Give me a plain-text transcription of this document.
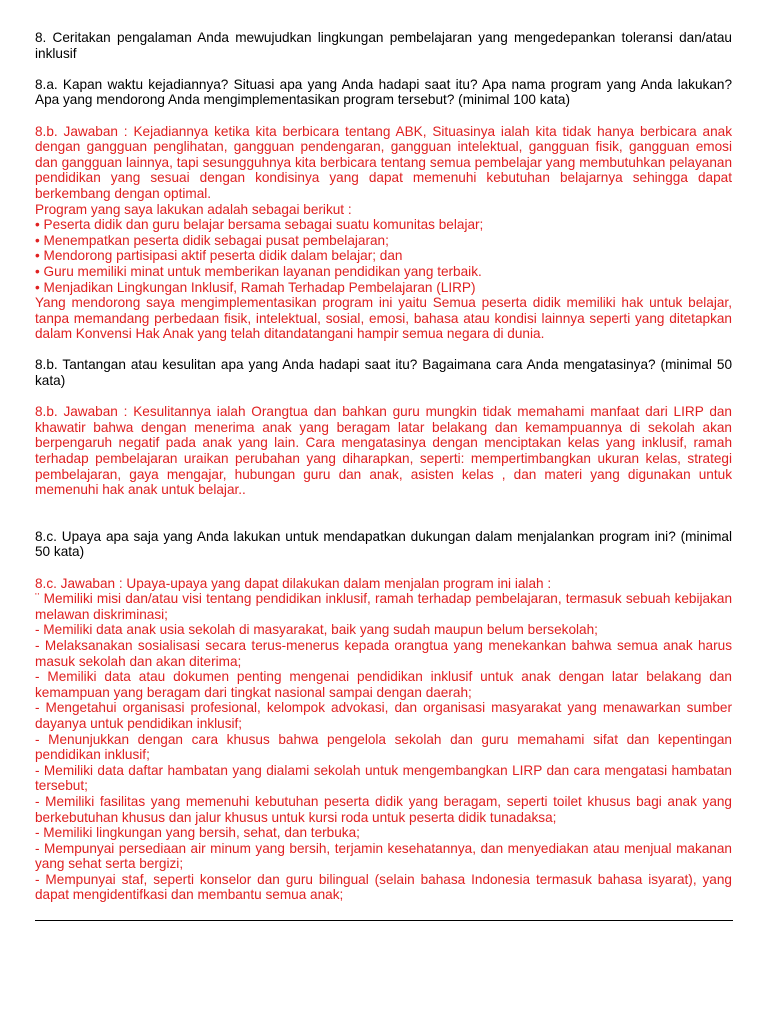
8. Ceritakan pengalaman Anda mewujudkan lingkungan pembelajaran yang mengedepankan toleransi dan/atau inklusif

8.a. Kapan waktu kejadiannya? Situasi apa yang Anda hadapi saat itu? Apa nama program yang Anda lakukan? Apa yang mendorong Anda mengimplementasikan program tersebut? (minimal 100 kata)

8.b. Jawaban : Kejadiannya ketika kita berbicara tentang ABK, Situasinya ialah kita tidak hanya berbicara anak dengan gangguan penglihatan, gangguan pendengaran, gangguan intelektual, gangguan fisik, gangguan emosi dan gangguan lainnya, tapi sesungguhnya kita berbicara tentang semua pembelajar yang membutuhkan pelayanan pendidikan yang sesuai dengan kondisinya yang dapat memenuhi kebutuhan belajarnya sehingga dapat berkembang dengan optimal.

Program yang saya lakukan adalah sebagai berikut :
• Peserta didik dan guru belajar bersama sebagai suatu komunitas belajar;
• Menempatkan peserta didik sebagai pusat pembelajaran;
• Mendorong partisipasi aktif peserta didik dalam belajar; dan
• Guru memiliki minat untuk memberikan layanan pendidikan yang terbaik.
• Menjadikan Lingkungan Inklusif, Ramah Terhadap Pembelajaran (LIRP)

Yang mendorong saya mengimplementasikan program ini yaitu Semua peserta didik memiliki hak untuk belajar, tanpa memandang perbedaan fisik, intelektual, sosial, emosi, bahasa atau kondisi lainnya seperti yang ditetapkan dalam Konvensi Hak Anak yang telah ditandatangani hampir semua negara di dunia.

8.b. Tantangan atau kesulitan apa yang Anda hadapi saat itu? Bagaimana cara Anda mengatasinya? (minimal 50 kata)

8.b. Jawaban : Kesulitannya ialah Orangtua dan bahkan guru mungkin tidak memahami manfaat dari LIRP dan khawatir bahwa dengan menerima anak yang beragam latar belakang dan kemampuannya di sekolah akan berpengaruh negatif pada anak yang lain. Cara mengatasinya dengan menciptakan kelas yang inklusif, ramah terhadap pembelajaran uraikan perubahan yang diharapkan, seperti: mempertimbangkan ukuran kelas, strategi pembelajaran, gaya mengajar, hubungan guru dan anak, asisten kelas , dan materi yang digunakan untuk memenuhi hak anak untuk belajar..

8.c. Upaya apa saja yang Anda lakukan untuk mendapatkan dukungan dalam menjalankan program ini? (minimal 50 kata)

8.c. Jawaban : Upaya-upaya yang dapat dilakukan dalam menjalan program ini ialah :

¨ Memiliki misi dan/atau visi tentang pendidikan inklusif, ramah terhadap pembelajaran, termasuk sebuah kebijakan melawan diskriminasi;

- Memiliki data anak usia sekolah di masyarakat, baik yang sudah maupun belum bersekolah;

- Melaksanakan sosialisasi secara terus-menerus kepada orangtua yang menekankan bahwa semua anak harus masuk sekolah dan akan diterima;

- Memiliki data atau dokumen penting mengenai pendidikan inklusif untuk anak dengan latar belakang dan kemampuan yang beragam dari tingkat nasional sampai dengan daerah;

- Mengetahui organisasi profesional, kelompok advokasi, dan organisasi masyarakat yang menawarkan sumber dayanya untuk pendidikan inklusif;

- Menunjukkan dengan cara khusus bahwa pengelola sekolah dan guru memahami sifat dan kepentingan pendidikan inklusif;

- Memiliki data daftar hambatan yang dialami sekolah untuk mengembangkan LIRP dan cara mengatasi hambatan tersebut;

- Memiliki fasilitas yang memenuhi kebutuhan peserta didik yang beragam, seperti toilet khusus bagi anak yang berkebutuhan khusus dan jalur khusus untuk kursi roda untuk peserta didik tunadaksa;

- Memiliki lingkungan yang bersih, sehat, dan terbuka;

- Mempunyai persediaan air minum yang bersih, terjamin kesehatannya, dan menyediakan atau menjual makanan yang sehat serta bergizi;

- Mempunyai staf, seperti konselor dan guru bilingual (selain bahasa Indonesia termasuk bahasa isyarat), yang dapat mengidentifkasi dan membantu semua anak;
